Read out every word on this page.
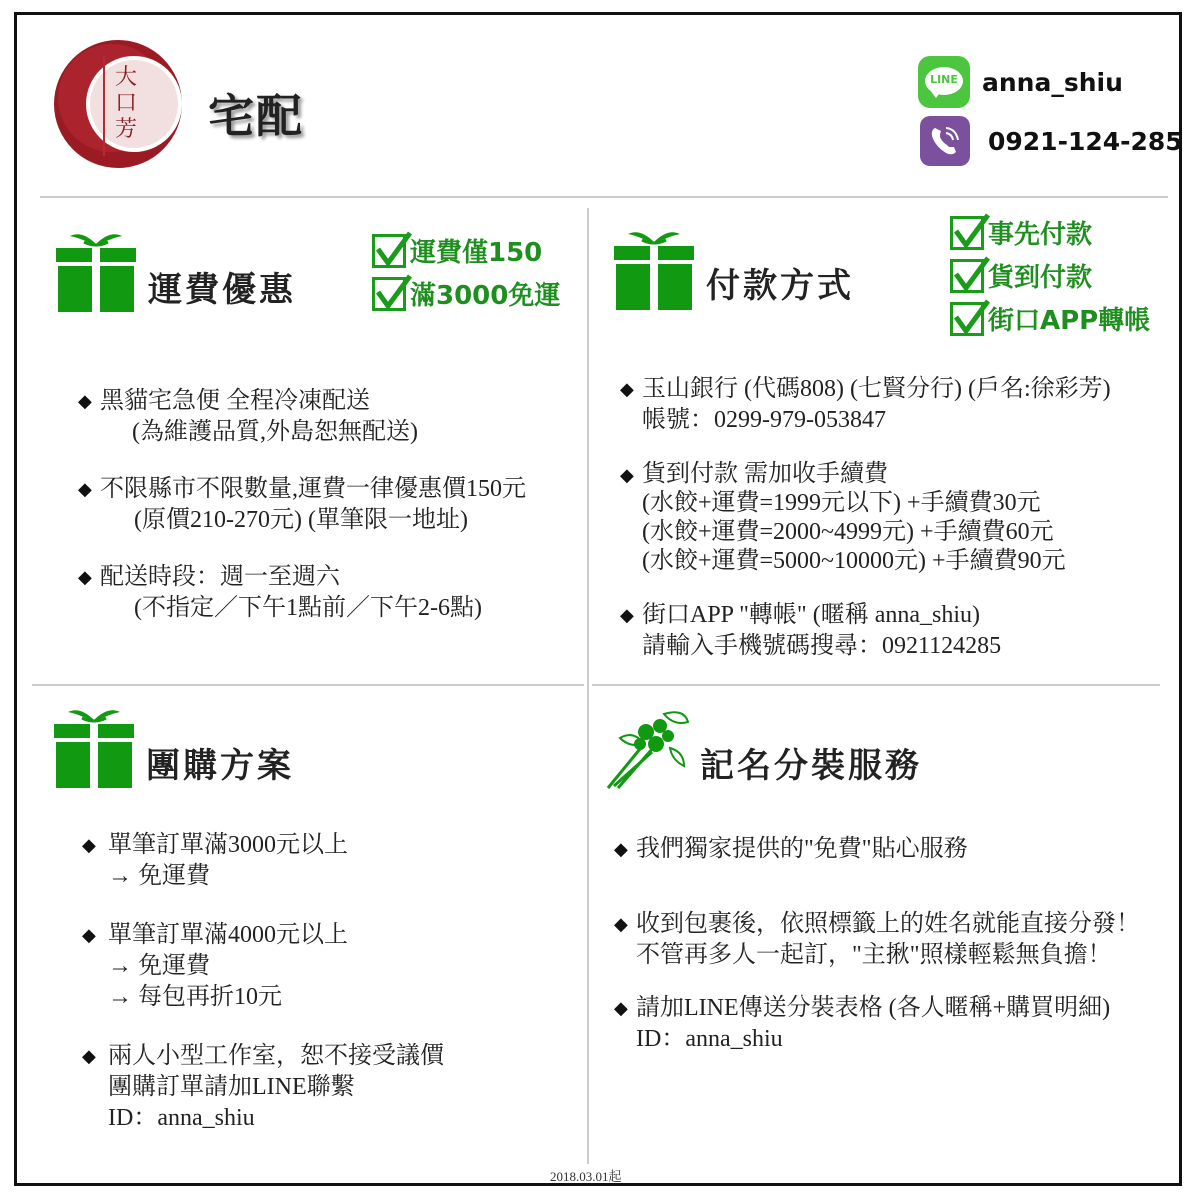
大口芳 宅配
LINE anna_shiu
0921-124-285
運費優惠
運費僅150
滿3000免運
◆ 黑貓宅急便 全程冷凍配送
(為維護品質,外島恕無配送)
◆ 不限縣市不限數量,運費一律優惠價150元
(原價210-270元) (單筆限一地址)
◆ 配送時段：週一至週六
(不指定／下午1點前／下午2-6點)
付款方式
事先付款
貨到付款
街口APP轉帳
◆ 玉山銀行 (代碼808) (七賢分行) (戶名:徐彩芳)
帳號：0299-979-053847
◆ 貨到付款 需加收手續費
(水餃+運費=1999元以下) +手續費30元
(水餃+運費=2000~4999元) +手續費60元
(水餃+運費=5000~10000元) +手續費90元
◆ 街口APP "轉帳" (暱稱 anna_shiu)
請輸入手機號碼搜尋：0921124285
團購方案
◆ 單筆訂單滿3000元以上
→ 免運費
◆ 單筆訂單滿4000元以上
→ 免運費
→ 每包再折10元
◆ 兩人小型工作室，恕不接受議價
團購訂單請加LINE聯繫
ID：anna_shiu
記名分裝服務
◆ 我們獨家提供的"免費"貼心服務
◆ 收到包裹後，依照標籤上的姓名就能直接分發！
不管再多人一起訂，"主揪"照樣輕鬆無負擔！
◆ 請加LINE傳送分裝表格 (各人暱稱+購買明細)
ID：anna_shiu
2018.03.01起
